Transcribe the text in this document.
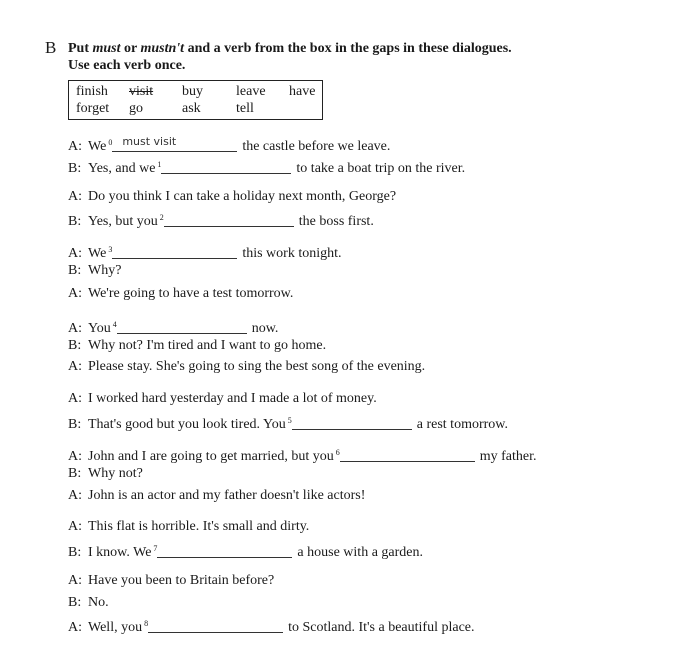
B Put must or mustn't and a verb from the box in the gaps in these dialogues.
Use each verb once.
finish visit buy leave have
forget go	ask	tell
A: We $^0$ must visit	the castle before we leave.
B: Yes, and we $^1$	to take a boat trip on the river.
A: Do you think I can take a holiday next month, George?
B: Yes, but you $^2$	the boss first.
A: We $^3$	this work tonight.
B: Why?
A: We're going to have a test tomorrow.
A: You $^4$	now.
B: Why not? I'm tired and I want to go home.
A: Please stay. She's going to sing the best song of the evening.
A: I worked hard yesterday and I made a lot of money.
B: That's good but you look tired. You $^5$	a rest tomorrow.
A: John and I are going to get married, but you $^6$	my father.
B: Why not?
A: John is an actor and my father doesn't like actors!
A: This flat is horrible. It's small and dirty.
B: I know. We $^7$	a house with a garden.
A: Have you been to Britain before?
B: No.
A: Well, you $^8$	to Scotland. It's a beautiful place.
